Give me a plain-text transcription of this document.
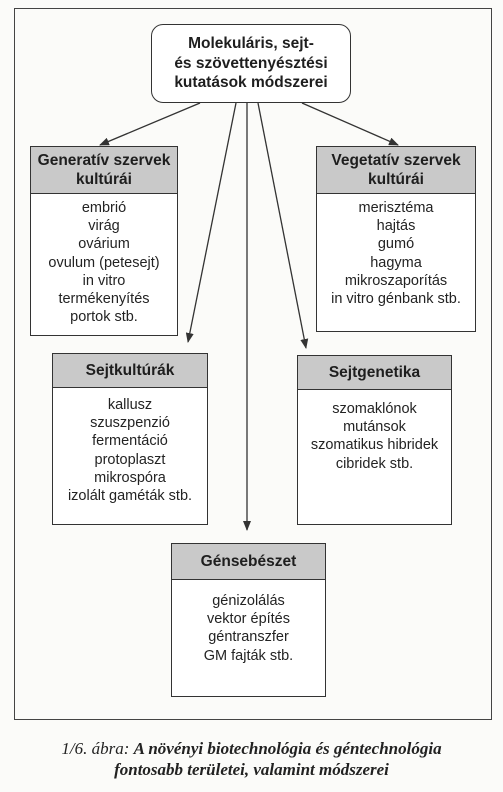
Molekuláris, sejt-
és szövettenyésztési
kutatások módszerei
Generatív szervek
kultúrái
embrió
virág
ovárium
ovulum (petesejt)
in vitro
termékenyítés
portok stb.
Vegetatív szervek
kultúrái
merisztéma
hajtás
gumó
hagyma
mikroszaporítás
in vitro génbank stb.
Sejtkultúrák
kallusz
szuszpenzió
fermentáció
protoplaszt
mikrospóra
izolált gaméták stb.
Sejtgenetika
szomaklónok
mutánsok
szomatikus hibridek
cibridek stb.
Génsebészet
génizolálás
vektor építés
géntranszfer
GM fajták stb.
1/6. ábra: A növényi biotechnológia és géntechnológia
fontosabb területei, valamint módszerei
